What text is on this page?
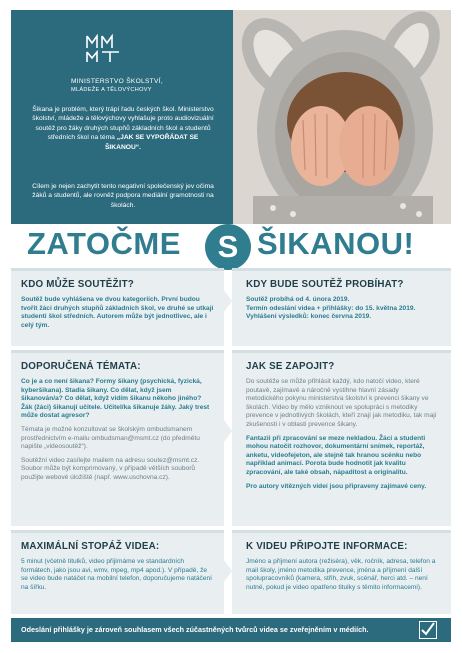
MINISTERSTVO ŠKOLSTVÍ,
MLÁDEŽE A TĚLOVÝCHOVY
Šikana je problém, který trápí řadu českých škol. Ministerstvo školství, mládeže a tělovýchovy vyhlašuje proto audiovizuální soutěž pro žáky druhých stupňů základních škol a studentů středních škol na téma „JAK SE VYPOŘÁDAT SE ŠIKANOU“.
Cílem je nejen zachytit tento negativní společenský jev očima žáků a studentů, ale rovněž podpora mediální gramotnosti na školách.
ZATOČME	S ŠIKANOU!
KDO MŮŽE SOUTĚŽIT?

Soutěž bude vyhlášena ve dvou kategoriích. První budou tvořit žáci druhých stupňů základních škol, ve druhé se utkají studenti škol středních. Autorem může být jednotlivec, ale i celý tým.

KDY BUDE SOUTĚŽ PROBÍHAT?

Soutěž probíhá od 4. února 2019.

Termín odeslání videa + přihlášky: do 15. května 2019.

Vyhlášení výsledků: konec června 2019.

DOPORUČENÁ TÉMATA:

Co je a co není šikana? Formy šikany (psychická, fyzická, kyberšikana). Stadia šikany. Co dělat, když jsem šikanován/a? Co dělat, když vidím šikanu někoho jiného? Žák (žáci) šikanují učitele. Učitel/ka šikanuje žáky. Jaký trest může dostat agresor?

Témata je možné konzultovat se školským ombudsmanem prostřednictvím e-mailu ombudsman@msmt.cz (do předmětu napište „videosoutěž“).

Soutěžní video zasílejte mailem na adresu soutez@msmt.cz. Soubor může být komprimovaný, v případě větších souborů použijte webové úložiště (např. www.uschovna.cz).

JAK SE ZAPOJIT?

Do soutěže se může přihlásit každý, kdo natočí video, které poutavě, zajímavě a náročně vystihne hlavní zásady metodického pokynu ministerstva školství k prevenci šikany ve školách. Video by mělo vzniknout ve spolupráci s metodiky prevence v jednotlivých školách, kteří znají jak metodiku, tak mají zkušenosti i v oblasti prevence šikany.

Fantazii při zpracování se meze nekladou. Žáci a studenti mohou natočit rozhovor, dokumentární snímek, reportáž, anketu, videofejeton, ale stejně tak hranou scénku nebo například animaci. Porota bude hodnotit jak kvalitu zpracování, ale také obsah, nápaditost a originalitu.

Pro autory vítězných videí jsou připraveny zajímavé ceny.

MAXIMÁLNÍ STOPÁŽ VIDEA:

5 minut (včetně titulků, video přijímáme ve standardních formátech, jako jsou avi, wmv, mpeg, mp4 apod.). V případě, že se video bude natáčet na mobilní telefon, doporučujeme natáčení na šířku.

K VIDEU PŘIPOJTE INFORMACE:

Jméno a příjmení autora (režiséra), věk, ročník, adresa, telefon a mail školy, jméno metodika prevence, jména a příjmení další spolupracovníků (kamera, střih, zvuk, scénář, herci atd. – není nutné, pokud je video opatřeno titulky s těmito informacemi).

Odeslání přihlášky je zároveň souhlasem všech zúčastněných tvůrců videa se zveřejněním v médiích.
